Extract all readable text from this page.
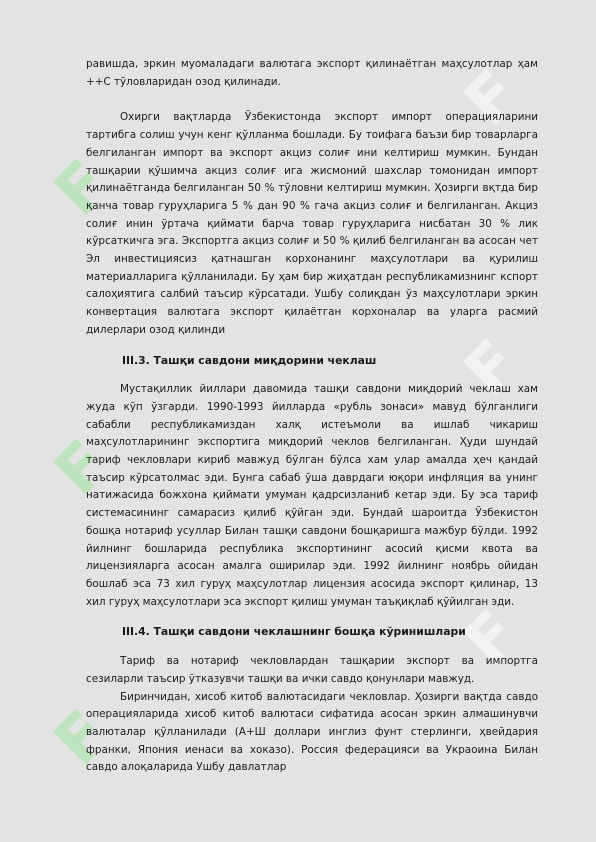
F
F
F
F
F
F

равишда, эркин муомаладаги валютага экспорт қилинаётган маҳсулотлар ҳам ++С тўловларидан озод қилинади.

Охирги вақтларда Ўзбекистонда экспорт импорт операцияларини тартибга солиш учун кенг қўлланма бошлади. Бу тоифага баъзи бир товарларга белгиланган импорт ва экспорт акциз солиғ ини келтириш мумкин. Бундан ташқарии қўшимча акциз солиғ ига жисмоний шахслар томонидан импорт қилинаётганда белгиланган 50 % тўловни келтириш мумкин. Ҳозирги вқтда бир қанча товар гуруҳларига 5 % дан 90 % гача акциз солиғ и белгиланган. Акциз солиғ инин ўртача қиймати барча товар гуруҳларига нисбатан 30 % лик кўрсаткичга эга. Экспортга акциз солиғ и 50 % қилиб белгиланган ва асосан чет Эл инвестициясиз қатнашган корхонанинг маҳсулотлари ва қурилиш материалларига қўлланилади. Бу ҳам бир жиҳатдан республикамизнинг кспорт салоҳиятига салбий таъсир кўрсатади. Ушбу солиқдан ўз маҳсулотлари эркин конвертация валютага экспорт қилаётган корхоналар ва уларга расмий дилерлари озод қилинди

III.3. Ташқи савдони миқдорини чеклаш

Мустақиллик йиллари давомида ташқи савдони миқдорий чеклаш хам жуда кўп ўзгарди. 1990-1993 йилларда «рубль зонаси» мавуд бўлганлиги сабабли республикамиздан халқ истеъмоли ва ишлаб чикариш маҳсулотларининг экспортига миқдорий чеклов белгиланган. Ҳуди шундай тариф чекловлари кириб мавжуд бўлган бўлса хам улар амалда ҳеч қандай таъсир кўрсатолмас эди. Бунга сабаб ўша даврдаги юқори инфляция ва унинг натижасида божхона қиймати умуман қадрсизланиб кетар эди. Бу эса тариф системасининг самарасиз қилиб қўйган эди. Бундай шароитда Ўзбекистон бошқа нотариф усуллар Билан ташқи савдони бошқаришга мажбур бўлди. 1992 йилнинг бошларида республика экспортининг асосий қисми квота ва лицензияларга асосан амалга оширилар эди. 1992 йилнинг ноябрь ойидан бошлаб эса 73 хил гуруҳ маҳсулотлар лицензия асосида экспорт қилинар, 13 хил гуруҳ маҳсулотлари эса экспорт қилиш умуман таъқиқлаб қўйилган эди.

III.4. Ташқи савдони чеклашнинг бошқа кўринишлари

Тариф ва нотариф чекловлардан ташқарии экспорт ва импортга сезиларли таъсир ўтказувчи ташқи ва ички савдо қонунлари мавжуд.

Биринчидан, хисоб китоб валютасидаги чекловлар. Ҳозирги вақтда савдо операцияларида хисоб китоб валютаси сифатида асосан эркин алмашинувчи валюталар қўлланилади (А+Ш доллари инглиз фунт стерлинги, ҳвейдария франки, Япония иенаси ва хоказо). Россия федерацияси ва Украоина Билан савдо алоқаларида Ушбу давлатлар
